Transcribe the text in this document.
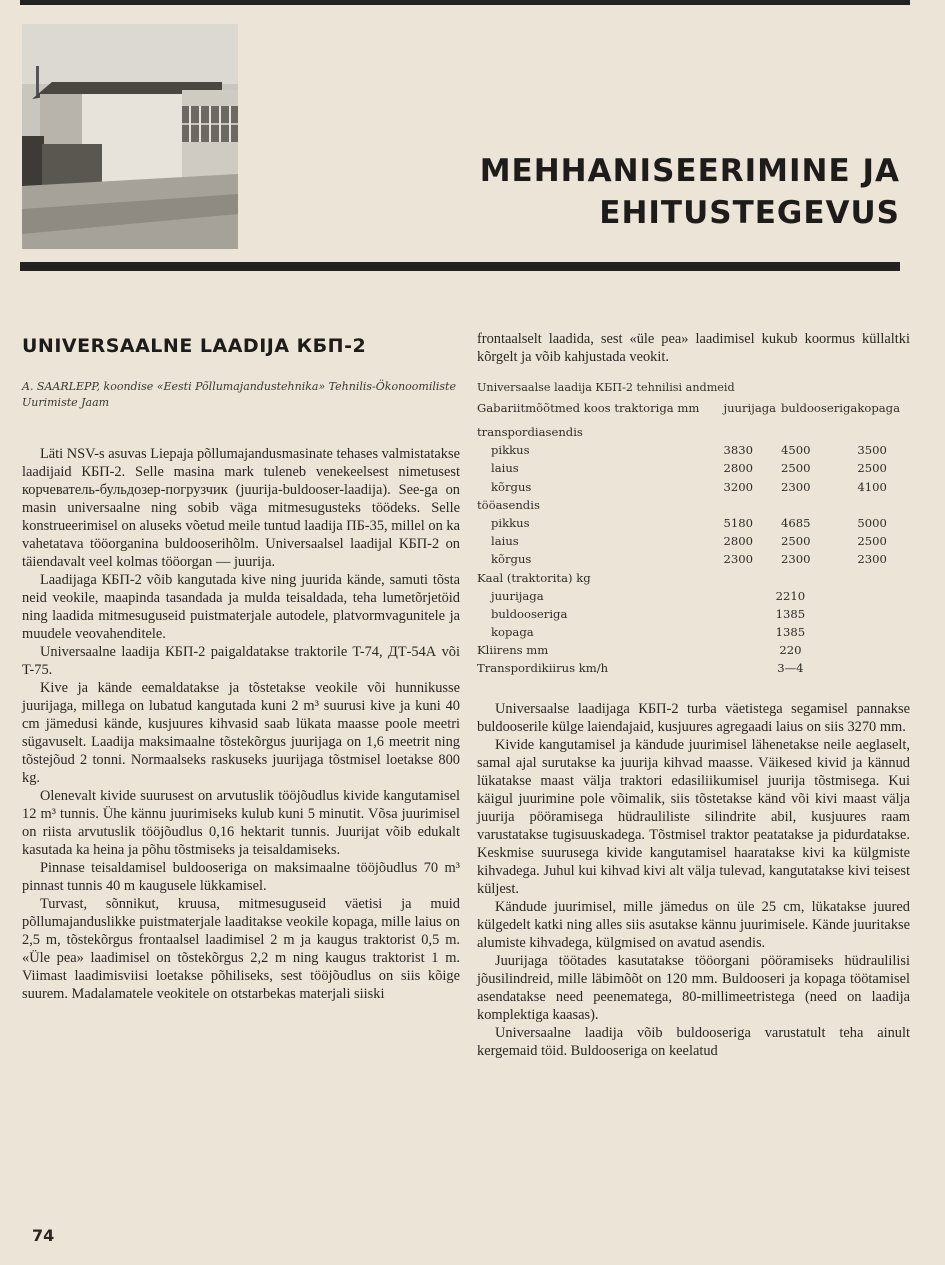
MEHHANISEERIMINE JA
EHITUSTEGEVUS
UNIVERSAALNE LAADIJA КБП-2
A. SAARLEPP, koondise «Eesti Põllumajandustehnika» Tehnilis-Ökonoomiliste Uurimiste Jaam

Läti NSV-s asuvas Liepaja põllumajandusmasinate tehases valmistatakse laadijaid КБП-2. Selle masina mark tuleneb venekeelsest nimetusest корчеватель-бульдозер-погрузчик (juurija-buldooser-laadija). See-ga on masin universaalne ning sobib väga mitmesugusteks töödeks. Selle konstrueerimisel on aluseks võetud meile tuntud laadija ПБ-35, millel on ka vahetatava tööorganina buldooserihõlm. Universaalsel laadijal КБП-2 on täiendavalt veel kolmas tööorgan — juurija.

Laadijaga КБП-2 võib kangutada kive ning juurida kände, samuti tõsta neid veokile, maapinda tasandada ja mulda teisaldada, teha lumetõrjetöid ning laadida mitmesuguseid puistmaterjale autodele, platvormvagunitele ja muudele veovahenditele.

Universaalne laadija КБП-2 paigaldatakse traktorile T-74, ДТ-54А või T-75.

Kive ja kände eemaldatakse ja tõstetakse veokile või hunnikusse juurijaga, millega on lubatud kangutada kuni 2 m³ suurusi kive ja kuni 40 cm jämedusi kände, kusjuures kihvasid saab lükata maasse poole meetri sügavuselt. Laadija maksimaalne tõstekõrgus juurijaga on 1,6 meetrit ning tõstejõud 2 tonni. Normaalseks raskuseks juurijaga tõstmisel loetakse 800 kg.

Olenevalt kivide suurusest on arvutuslik tööjõudlus kivide kangutamisel 12 m³ tunnis. Ühe kännu juurimiseks kulub kuni 5 minutit. Võsa juurimisel on riista arvutuslik tööjõudlus 0,16 hektarit tunnis. Juurijat võib edukalt kasutada ka heina ja põhu tõstmiseks ja teisaldamiseks.

Pinnase teisaldamisel buldooseriga on maksimaalne tööjõudlus 70 m³ pinnast tunnis 40 m kaugusele lükkamisel.

Turvast, sõnnikut, kruusa, mitmesuguseid väetisi ja muid põllumajanduslikke puistmaterjale laaditakse veokile kopaga, mille laius on 2,5 m, tõstekõrgus frontaalsel laadimisel 2 m ja kaugus traktorist 0,5 m. «Üle pea» laadimisel on tõstekõrgus 2,2 m ning kaugus traktorist 1 m. Viimast laadimisviisi loetakse põhiliseks, sest tööjõudlus on siis kõige suurem. Madalamatele veokitele on otstarbekas materjali siiski

frontaalselt laadida, sest «üle pea» laadimisel kukub koormus küllaltki kõrgelt ja võib kahjustada veokit.

Universaalse laadija КБП-2 tehnilisi andmeid
Gabariitmõõtmed koos traktoriga mm	juurijaga	buldooseriga	kopaga
transpordiasendis			
pikkus	3830	4500	3500
laius	2800	2500	2500
kõrgus	3200	2300	4100
tööasendis			
pikkus	5180	4685	5000
laius	2800	2500	2500
kõrgus	2300	2300	2300
Kaal (traktorita) kg			
juurijaga	2210		
buldooseriga	1385		
kopaga	1385		
Kliirens mm	220		
Transpordikiirus km/h	3—4		

Universaalse laadijaga КБП-2 turba väetistega segamisel pannakse buldooserile külge laiendajaid, kusjuures agregaadi laius on siis 3270 mm.

Kivide kangutamisel ja kändude juurimisel lähenetakse neile aeglaselt, samal ajal surutakse ka juurija kihvad maasse. Väikesed kivid ja kännud lükatakse maast välja traktori edasiliikumisel juurija tõstmisega. Kui käigul juurimine pole võimalik, siis tõstetakse känd või kivi maast välja juurija pööramisega hüdrauliliste silindrite abil, kusjuures raam varustatakse tugisuuskadega. Tõstmisel traktor peatatakse ja pidurdatakse. Keskmise suurusega kivide kangutamisel haaratakse kivi ka külgmiste kihvadega. Juhul kui kihvad kivi alt välja tulevad, kangutatakse kivi teisest küljest.

Kändude juurimisel, mille jämedus on üle 25 cm, lükatakse juured külgedelt katki ning alles siis asutakse kännu juurimisele. Kände juuritakse alumiste kihvadega, külgmised on avatud asendis.

Juurijaga töötades kasutatakse tööorgani pööramiseks hüdraulilisi jõusilindreid, mille läbimõõt on 120 mm. Buldooseri ja kopaga töötamisel asendatakse need peenematega, 80-millimeetristega (need on laadija komplektiga kaasas).

Universaalne laadija võib buldooseriga varustatult teha ainult kergemaid töid. Buldooseriga on keelatud

74
